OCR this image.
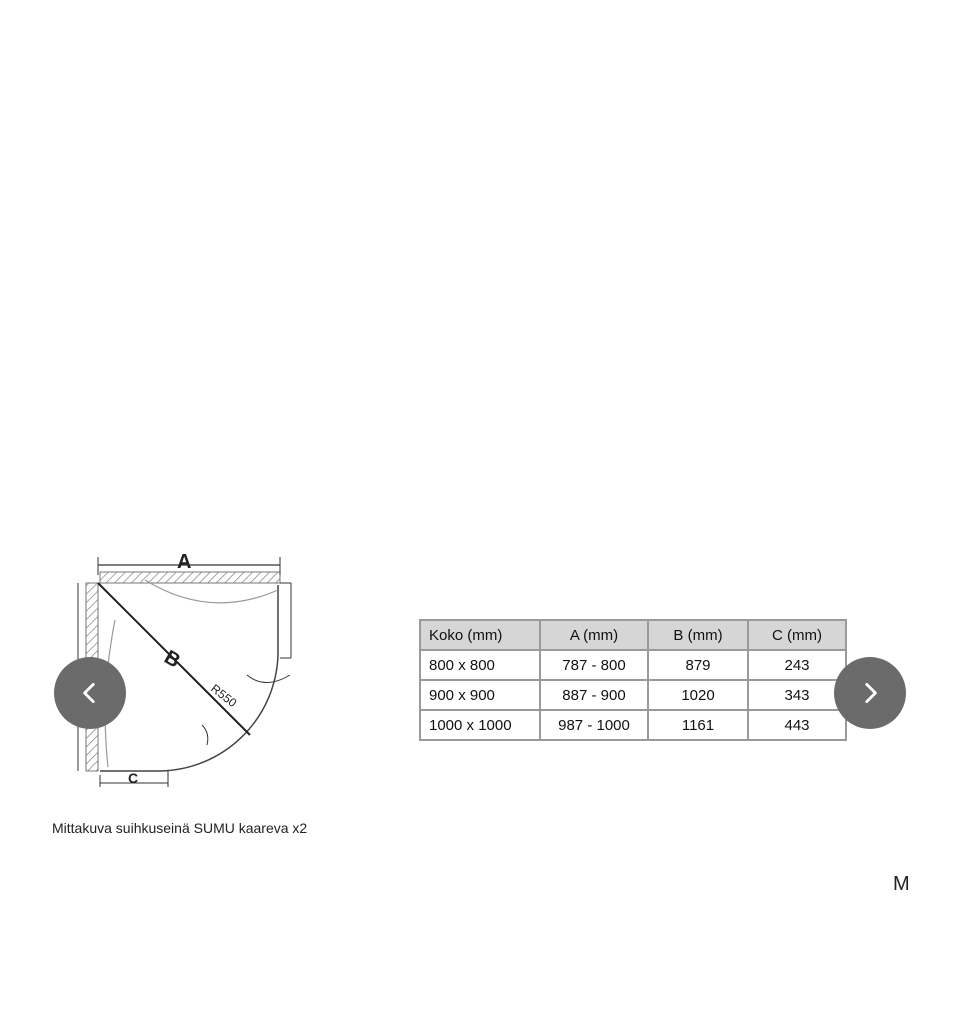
A
B
R550
C
Mittakuva suihkuseinä SUMU kaareva x2
Koko (mm)	A (mm)	B (mm)	C (mm)
800 x 800	787 - 800	879	243
900 x 900	887 - 900	1020	343
1000 x 1000	987 - 1000	1161	443
M
